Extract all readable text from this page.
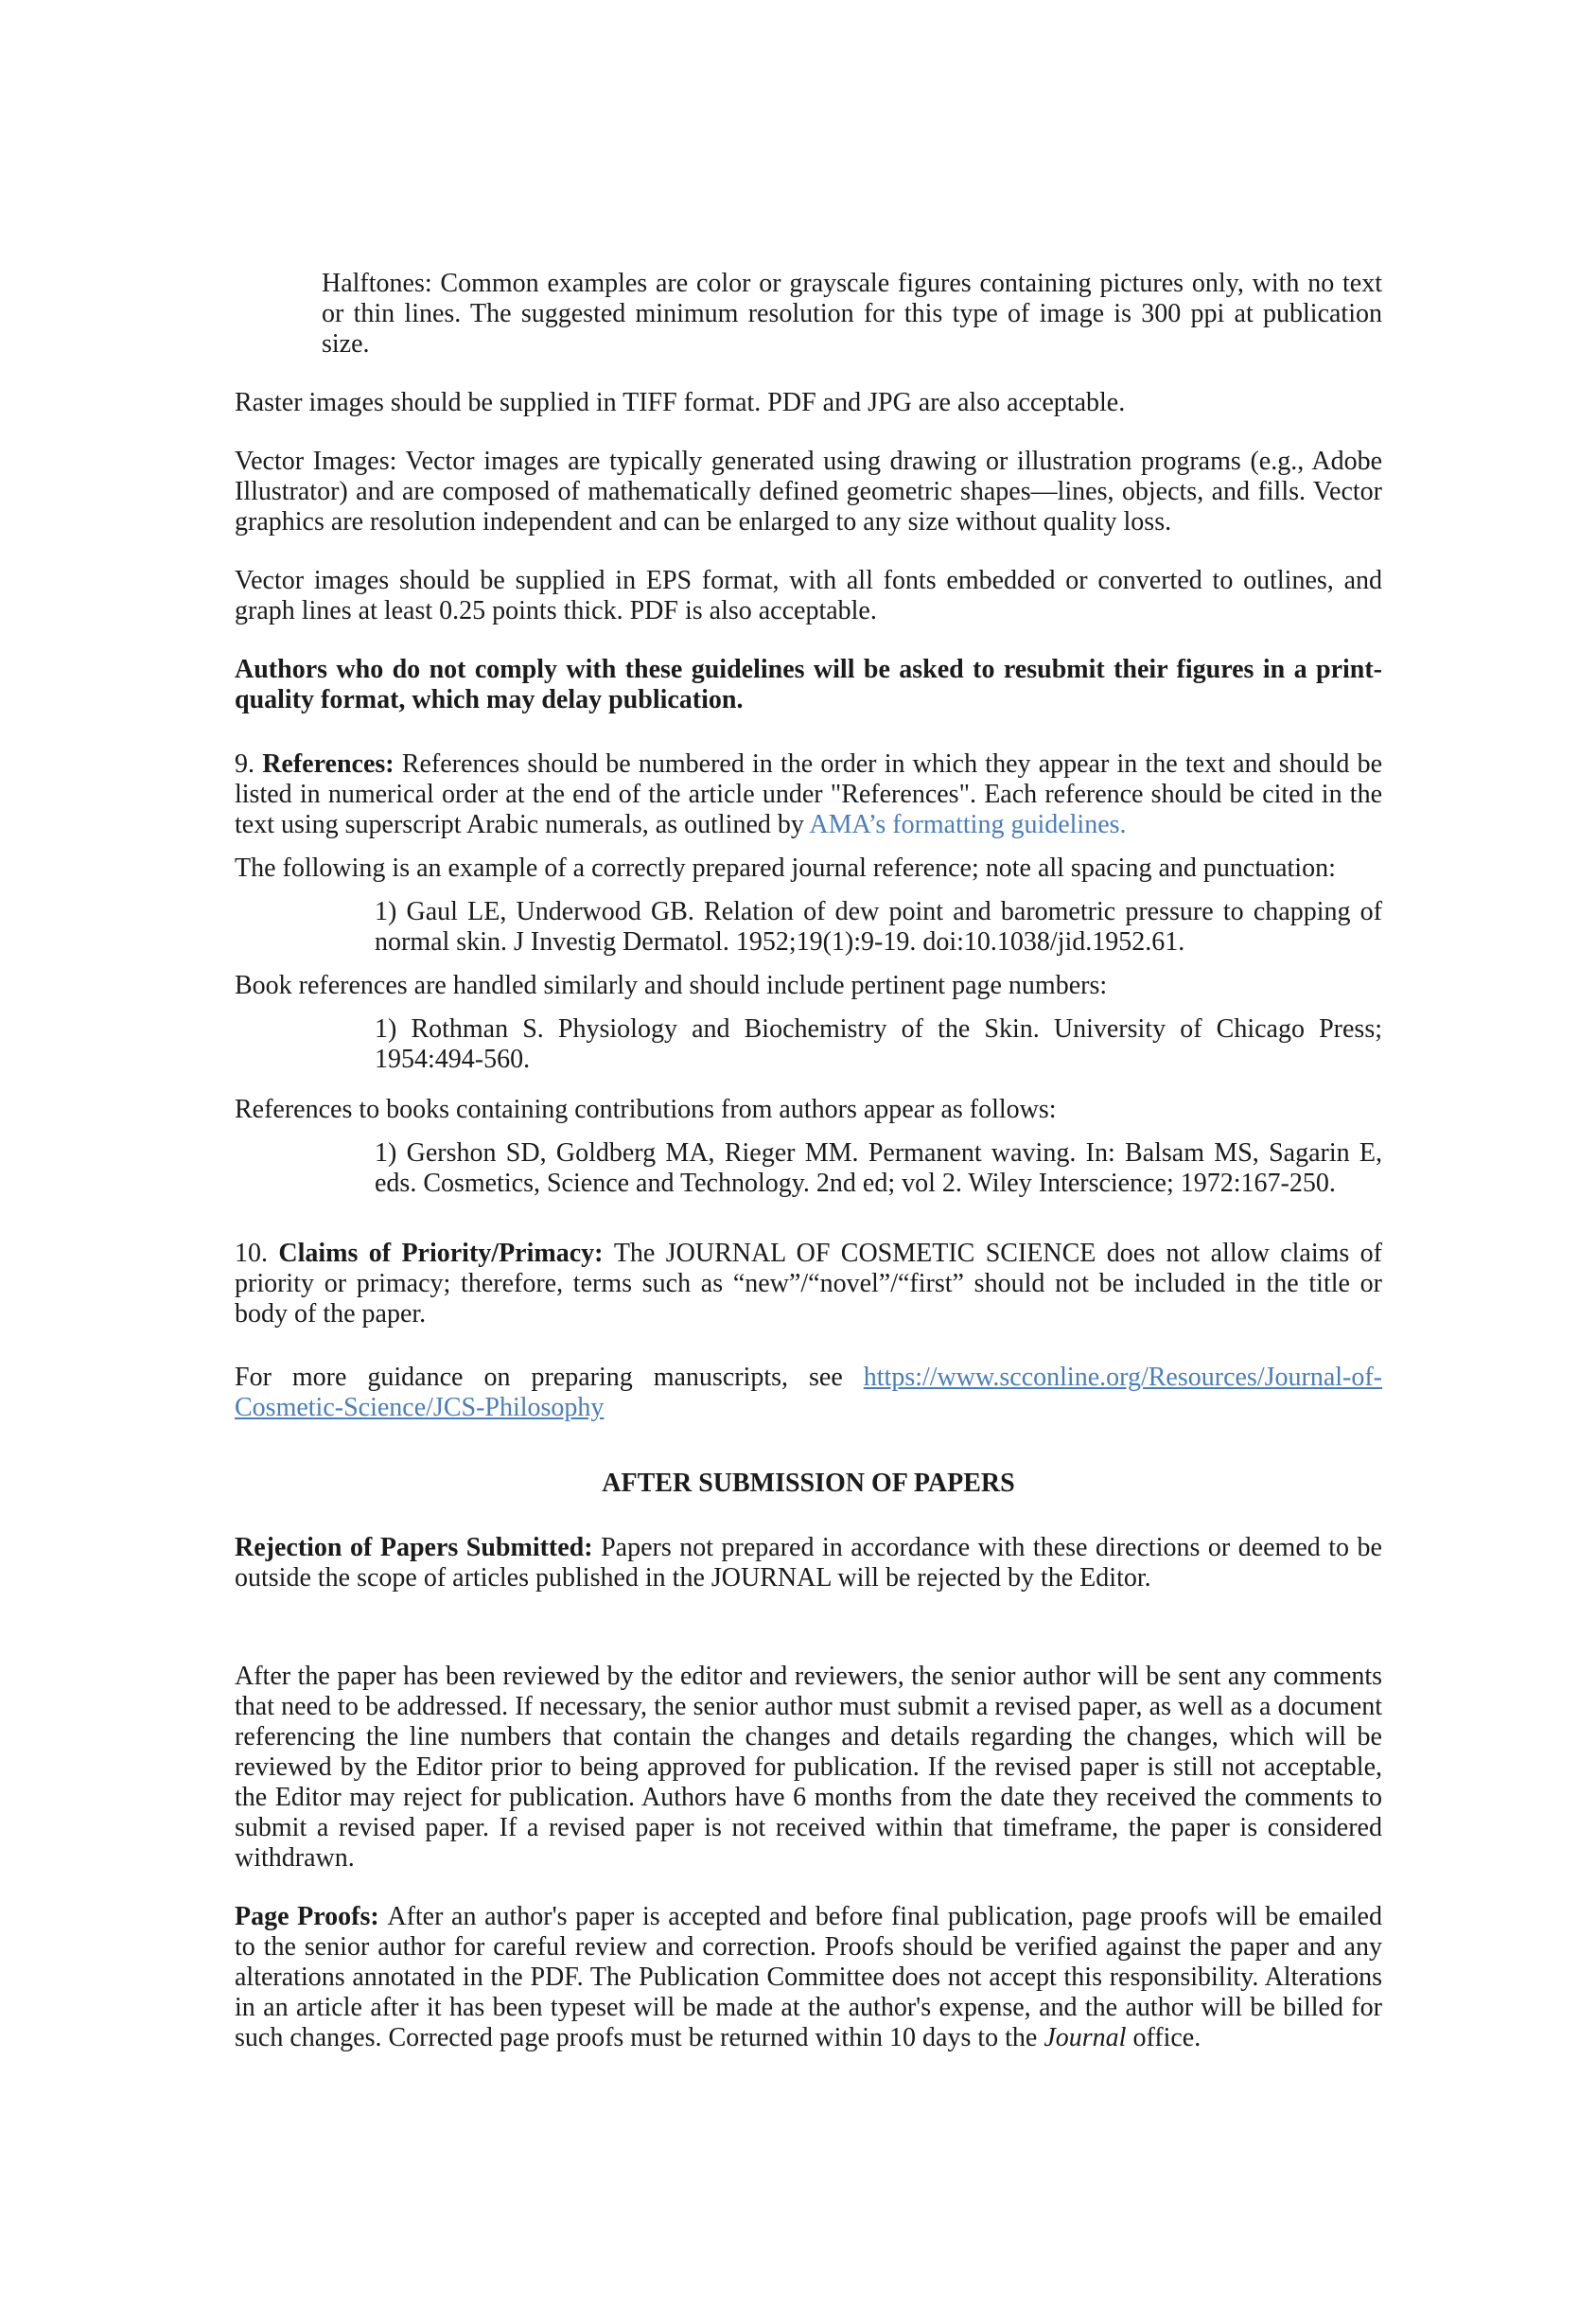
Halftones: Common examples are color or grayscale figures containing pictures only, with no text or thin lines. The suggested minimum resolution for this type of image is 300 ppi at publication size.

Raster images should be supplied in TIFF format. PDF and JPG are also acceptable.

Vector Images: Vector images are typically generated using drawing or illustration programs (e.g., Adobe Illustrator) and are composed of mathematically defined geometric shapes—lines, objects, and fills. Vector graphics are resolution independent and can be enlarged to any size without quality loss.

Vector images should be supplied in EPS format, with all fonts embedded or converted to outlines, and graph lines at least 0.25 points thick. PDF is also acceptable.

Authors who do not comply with these guidelines will be asked to resubmit their figures in a print-quality format, which may delay publication.

9. References: References should be numbered in the order in which they appear in the text and should be listed in numerical order at the end of the article under "References". Each reference should be cited in the text using superscript Arabic numerals, as outlined by AMA’s formatting guidelines.

The following is an example of a correctly prepared journal reference; note all spacing and punctuation:

1) Gaul LE, Underwood GB. Relation of dew point and barometric pressure to chapping of normal skin. J Investig Dermatol. 1952;19(1):9-19. doi:10.1038/jid.1952.61.

Book references are handled similarly and should include pertinent page numbers:

1) Rothman S. Physiology and Biochemistry of the Skin. University of Chicago Press; 1954:494-560.

References to books containing contributions from authors appear as follows:

1) Gershon SD, Goldberg MA, Rieger MM. Permanent waving. In: Balsam MS, Sagarin E, eds. Cosmetics, Science and Technology. 2nd ed; vol 2. Wiley Interscience; 1972:167-250.

10. Claims of Priority/Primacy: The JOURNAL OF COSMETIC SCIENCE does not allow claims of priority or primacy; therefore, terms such as “new”/“novel”/“first” should not be included in the title or body of the paper.

For more guidance on preparing manuscripts, see https://www.scconline.org/Resources/Journal-of-Cosmetic-Science/JCS-Philosophy

AFTER SUBMISSION OF PAPERS

Rejection of Papers Submitted: Papers not prepared in accordance with these directions or deemed to be outside the scope of articles published in the JOURNAL will be rejected by the Editor.

After the paper has been reviewed by the editor and reviewers, the senior author will be sent any comments that need to be addressed. If necessary, the senior author must submit a revised paper, as well as a document referencing the line numbers that contain the changes and details regarding the changes, which will be reviewed by the Editor prior to being approved for publication. If the revised paper is still not acceptable, the Editor may reject for publication. Authors have 6 months from the date they received the comments to submit a revised paper. If a revised paper is not received within that timeframe, the paper is considered withdrawn.

Page Proofs: After an author's paper is accepted and before final publication, page proofs will be emailed to the senior author for careful review and correction. Proofs should be verified against the paper and any alterations annotated in the PDF. The Publication Committee does not accept this responsibility. Alterations in an article after it has been typeset will be made at the author's expense, and the author will be billed for such changes. Corrected page proofs must be returned within 10 days to the Journal office.
